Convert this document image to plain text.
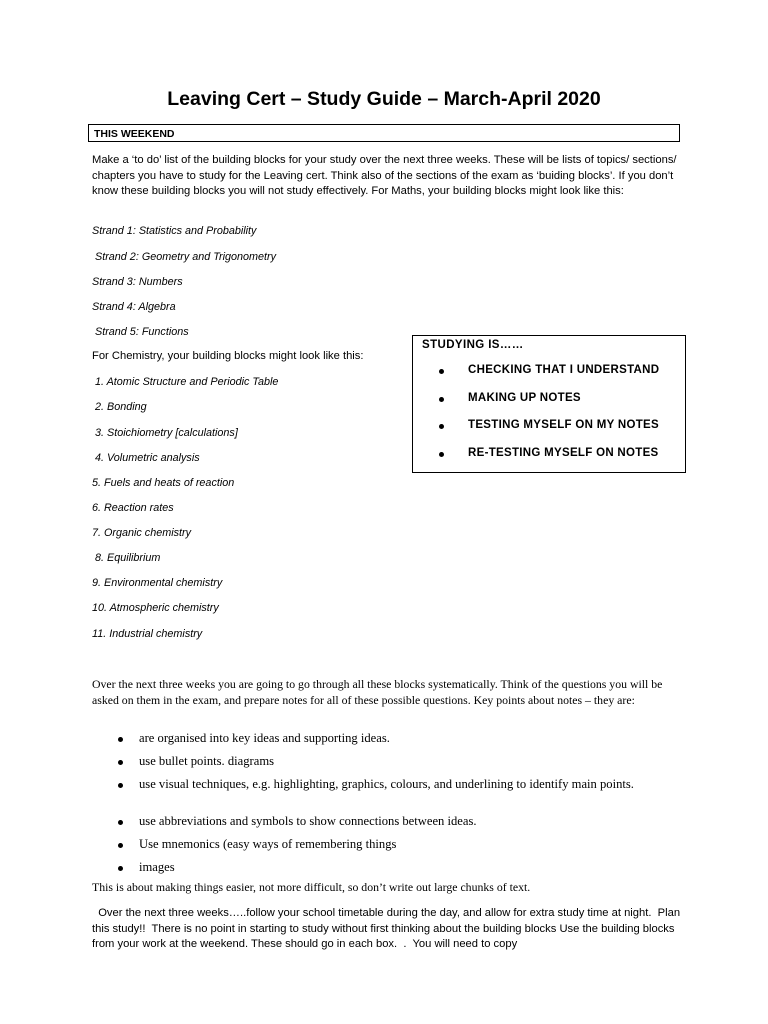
Leaving Cert – Study Guide – March-April 2020
THIS WEEKEND
Make a ‘to do’ list of the building blocks for your study over the next three weeks. These will be lists of topics/ sections/ chapters you have to study for the Leaving cert. Think also of the sections of the exam as ‘buiding blocks’. If you don’t know these building blocks you will not study effectively. For Maths, your building blocks might look like this:
Strand 1: Statistics and Probability
Strand 2: Geometry and Trigonometry
Strand 3: Numbers
Strand 4: Algebra
Strand 5: Functions
For Chemistry, your building blocks might look like this:
1. Atomic Structure and Periodic Table
2. Bonding
3. Stoichiometry [calculations]
4. Volumetric analysis
5. Fuels and heats of reaction
6. Reaction rates
7. Organic chemistry
8. Equilibrium
9. Environmental chemistry
10. Atmospheric chemistry
11. Industrial chemistry
STUDYING IS……
CHECKING THAT I UNDERSTAND
MAKING UP NOTES
TESTING MYSELF ON MY NOTES
RE-TESTING MYSELF ON NOTES
Over the next three weeks you are going to go through all these blocks systematically. Think of the questions you will be asked on them in the exam, and prepare notes for all of these possible questions. Key points about notes – they are:
are organised into key ideas and supporting ideas.
use bullet points. diagrams
use visual techniques, e.g. highlighting, graphics, colours, and underlining to identify main points.
use abbreviations and symbols to show connections between ideas.
Use mnemonics (easy ways of remembering things
images
This is about making things easier, not more difficult, so don’t write out large chunks of text.
Over the next three weeks…..follow your school timetable during the day, and allow for extra study time at night.  Plan this study!!  There is no point in starting to study without first thinking about the building blocks Use the building blocks from your work at the weekend. These should go in each box.  .  You will need to copy
